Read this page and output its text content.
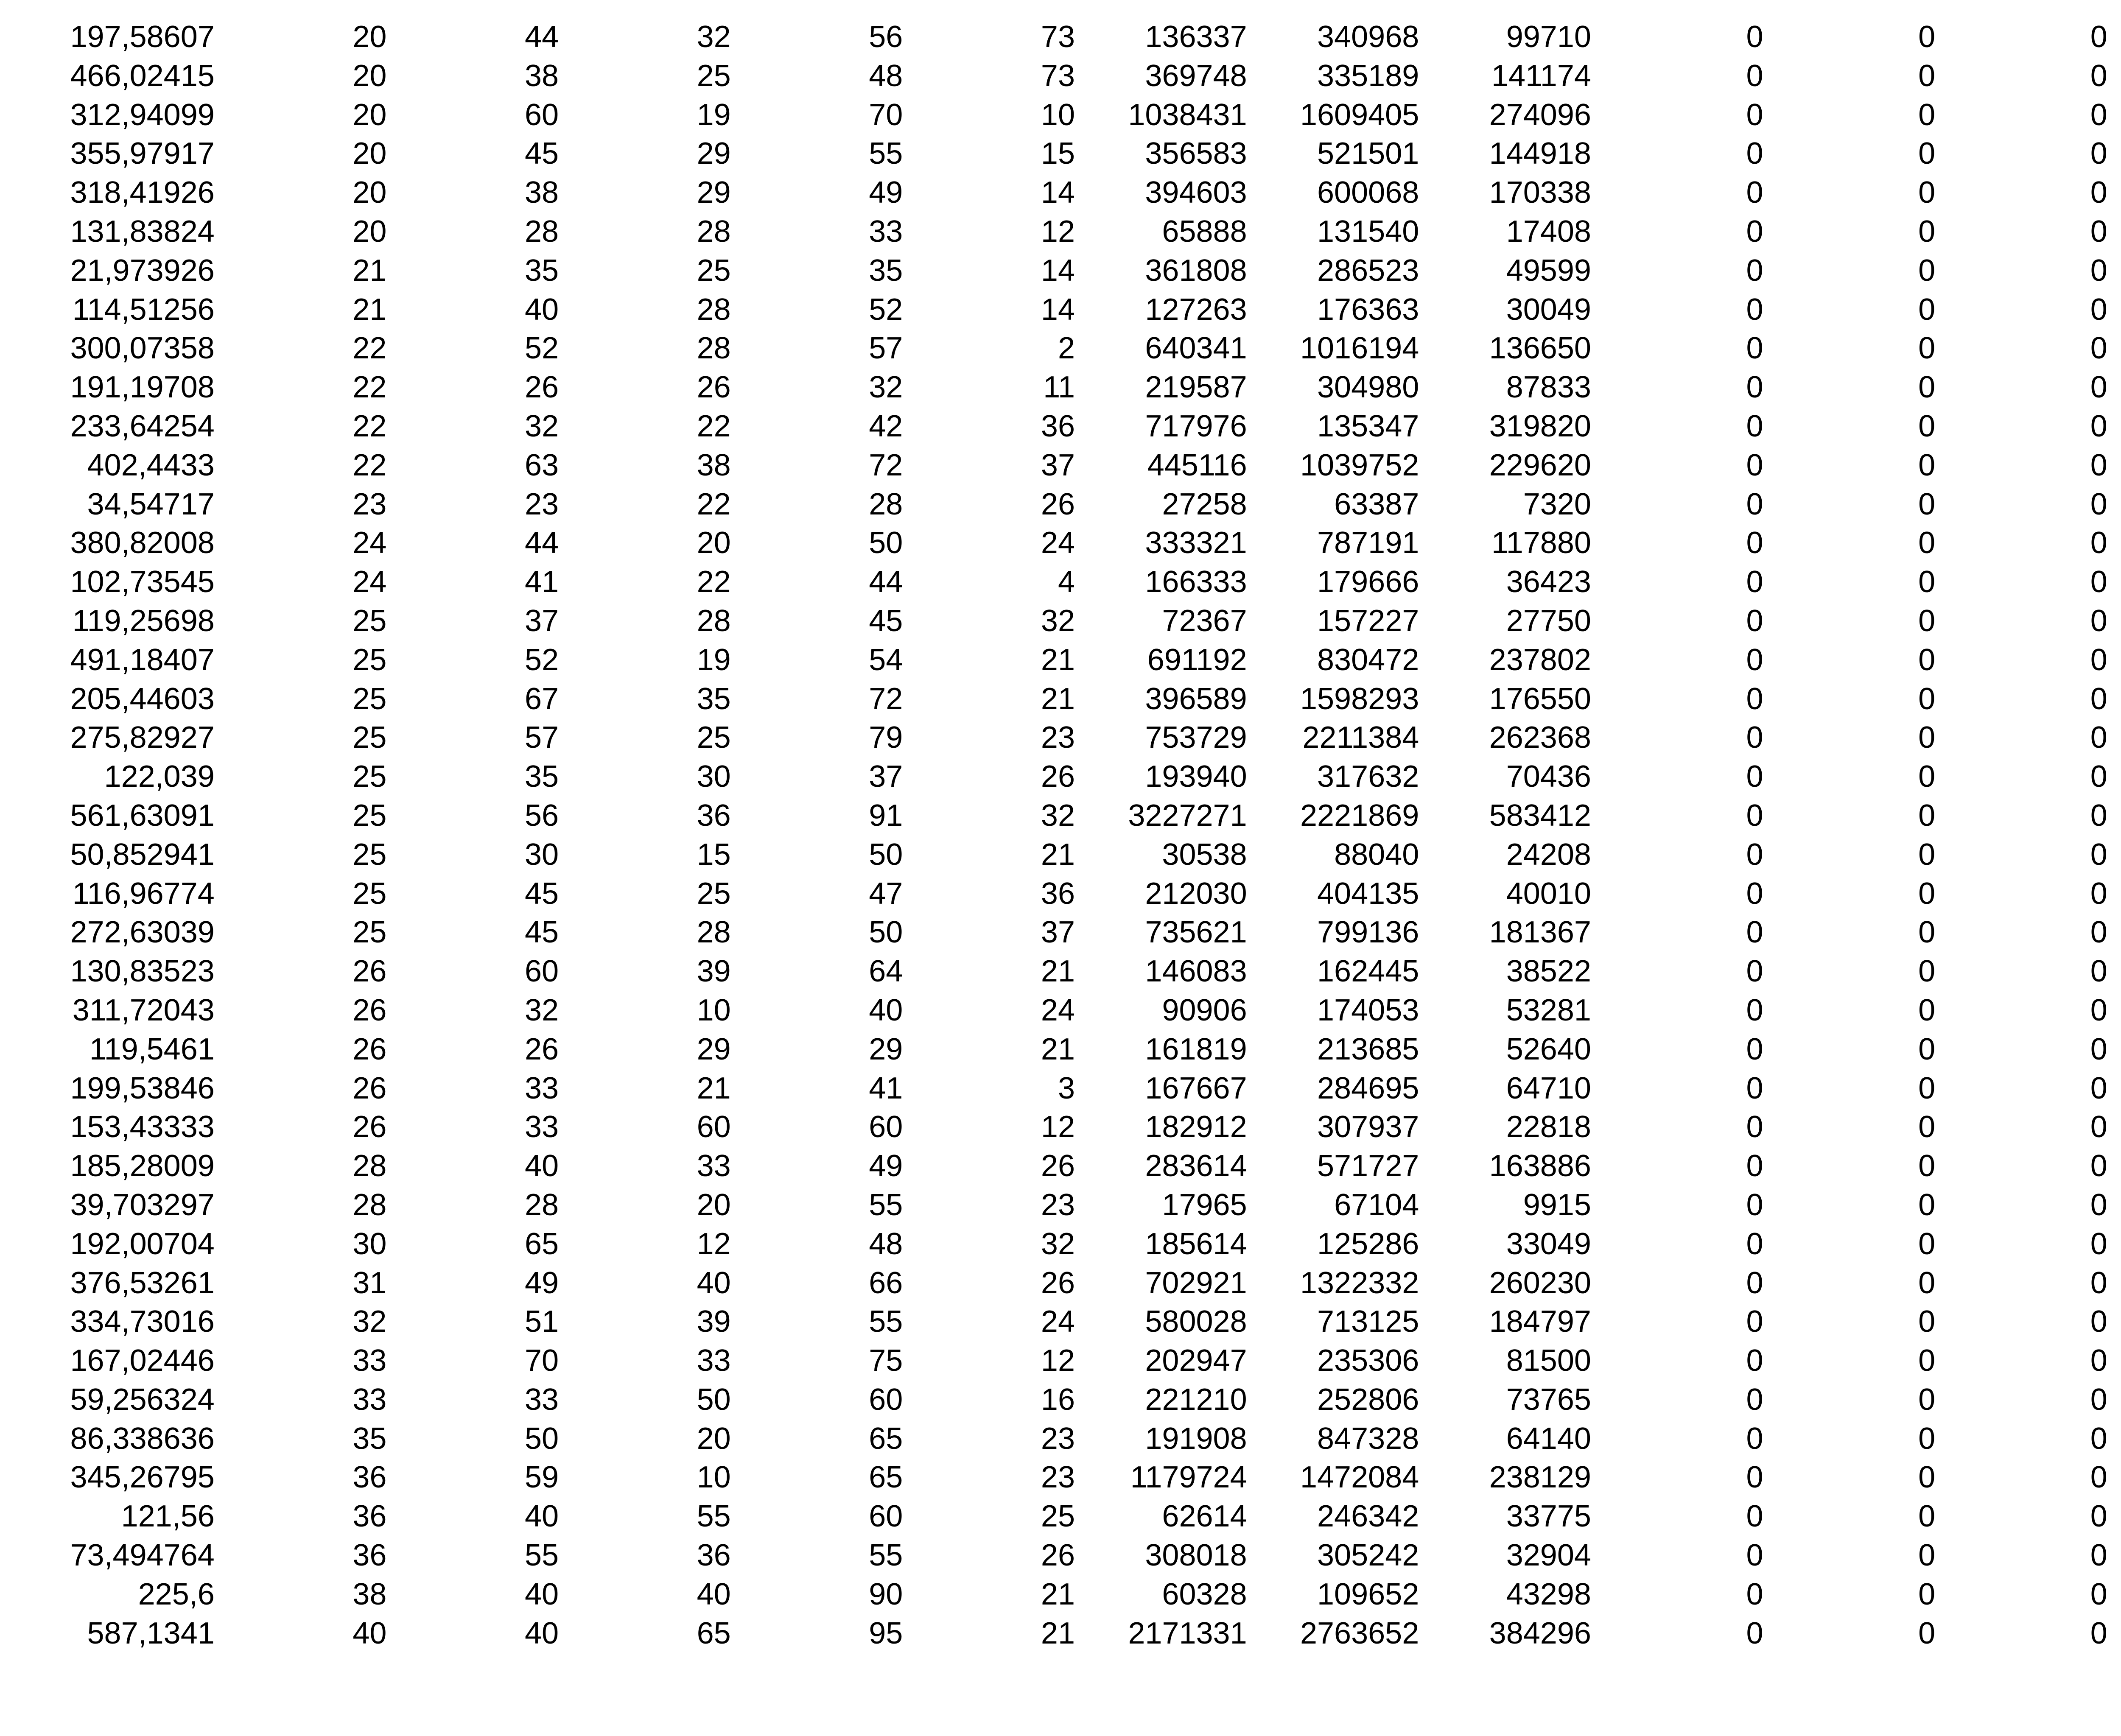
	197,58607	20	44	32	56	73	136337	340968	99710	0	0	0			
	466,02415	20	38	25	48	73	369748	335189	141174	0	0	0			
	312,94099	20	60	19	70	10	1038431	1609405	274096	0	0	0			
	355,97917	20	45	29	55	15	356583	521501	144918	0	0	0			
	318,41926	20	38	29	49	14	394603	600068	170338	0	0	0			
	131,83824	20	28	28	33	12	65888	131540	17408	0	0	0			
	21,973926	21	35	25	35	14	361808	286523	49599	0	0	0			
	114,51256	21	40	28	52	14	127263	176363	30049	0	0	0			
	300,07358	22	52	28	57	2	640341	1016194	136650	0	0	0			
	191,19708	22	26	26	32	11	219587	304980	87833	0	0	0			
	233,64254	22	32	22	42	36	717976	135347	319820	0	0	0			
	402,4433	22	63	38	72	37	445116	1039752	229620	0	0	0			
	34,54717	23	23	22	28	26	27258	63387	7320	0	0	0			
	380,82008	24	44	20	50	24	333321	787191	117880	0	0	0			
	102,73545	24	41	22	44	4	166333	179666	36423	0	0	0			
	119,25698	25	37	28	45	32	72367	157227	27750	0	0	0			
	491,18407	25	52	19	54	21	691192	830472	237802	0	0	0			
	205,44603	25	67	35	72	21	396589	1598293	176550	0	0	0			
	275,82927	25	57	25	79	23	753729	2211384	262368	0	0	0			
	122,039	25	35	30	37	26	193940	317632	70436	0	0	0			
	561,63091	25	56	36	91	32	3227271	2221869	583412	0	0	0			
	50,852941	25	30	15	50	21	30538	88040	24208	0	0	0			
	116,96774	25	45	25	47	36	212030	404135	40010	0	0	0			
	272,63039	25	45	28	50	37	735621	799136	181367	0	0	0			
	130,83523	26	60	39	64	21	146083	162445	38522	0	0	0			
	311,72043	26	32	10	40	24	90906	174053	53281	0	0	0			
	119,5461	26	26	29	29	21	161819	213685	52640	0	0	0			
	199,53846	26	33	21	41	3	167667	284695	64710	0	0	0			
	153,43333	26	33	60	60	12	182912	307937	22818	0	0	0			
	185,28009	28	40	33	49	26	283614	571727	163886	0	0	0			
	39,703297	28	28	20	55	23	17965	67104	9915	0	0	0			
	192,00704	30	65	12	48	32	185614	125286	33049	0	0	0			
	376,53261	31	49	40	66	26	702921	1322332	260230	0	0	0			
	334,73016	32	51	39	55	24	580028	713125	184797	0	0	0			
	167,02446	33	70	33	75	12	202947	235306	81500	0	0	0			
	59,256324	33	33	50	60	16	221210	252806	73765	0	0	0			
	86,338636	35	50	20	65	23	191908	847328	64140	0	0	0			
	345,26795	36	59	10	65	23	1179724	1472084	238129	0	0	0			
	121,56	36	40	55	60	25	62614	246342	33775	0	0	0			
	73,494764	36	55	36	55	26	308018	305242	32904	0	0	0			
	225,6	38	40	40	90	21	60328	109652	43298	0	0	0			
	587,1341	40	40	65	95	21	2171331	2763652	384296	0	0	0			
